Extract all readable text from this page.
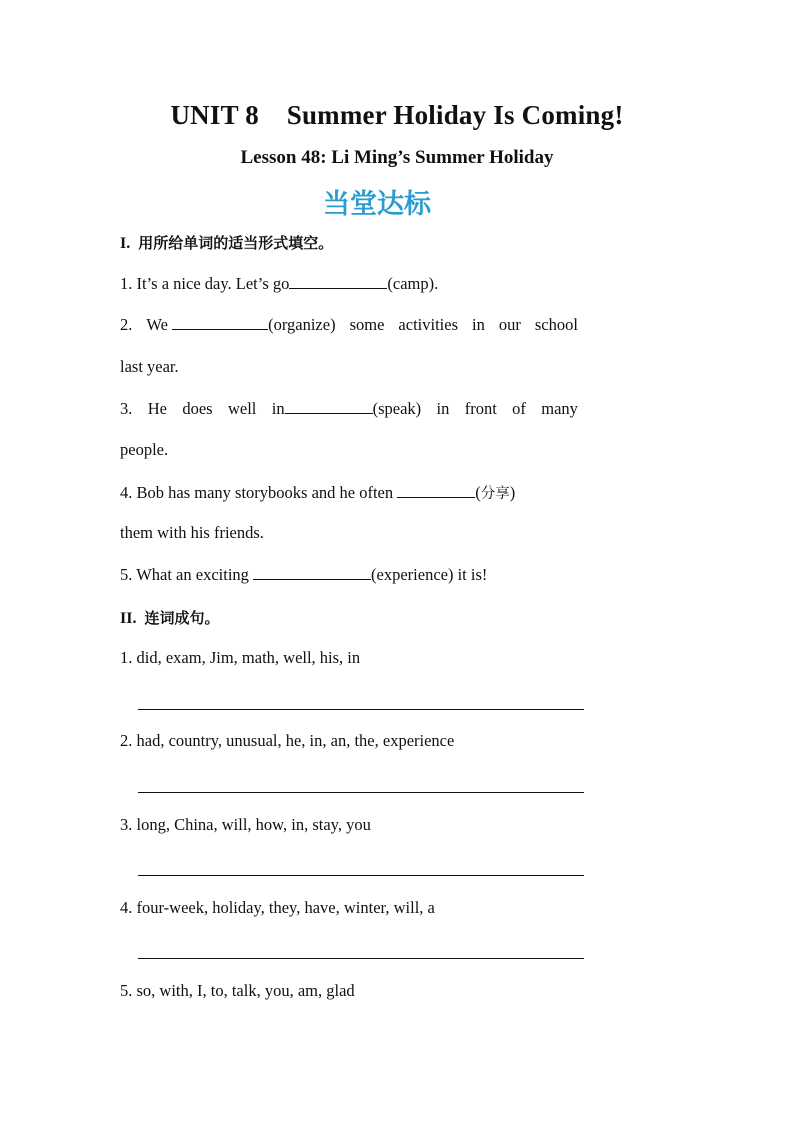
UNIT 8    Summer Holiday Is Coming!
Lesson 48: Li Ming’s Summer Holiday
当堂达标
I. 用所给单词的适当形式填空。
1. It’s a nice day. Let’s go	(camp).
2. We	(organize) some activities in our school
last year.
3. He does well in	(speak) in front of many
people.
4. Bob has many storybooks and he often	(分享)
them with his friends.
5. What an exciting	(experience) it is!
II. 连词成句。
1. did, exam, Jim, math, well, his, in
2. had, country, unusual, he, in, an, the, experience
3. long, China, will, how, in, stay, you
4. four-week, holiday, they, have, winter, will, a
5. so, with, I, to, talk, you, am, glad
